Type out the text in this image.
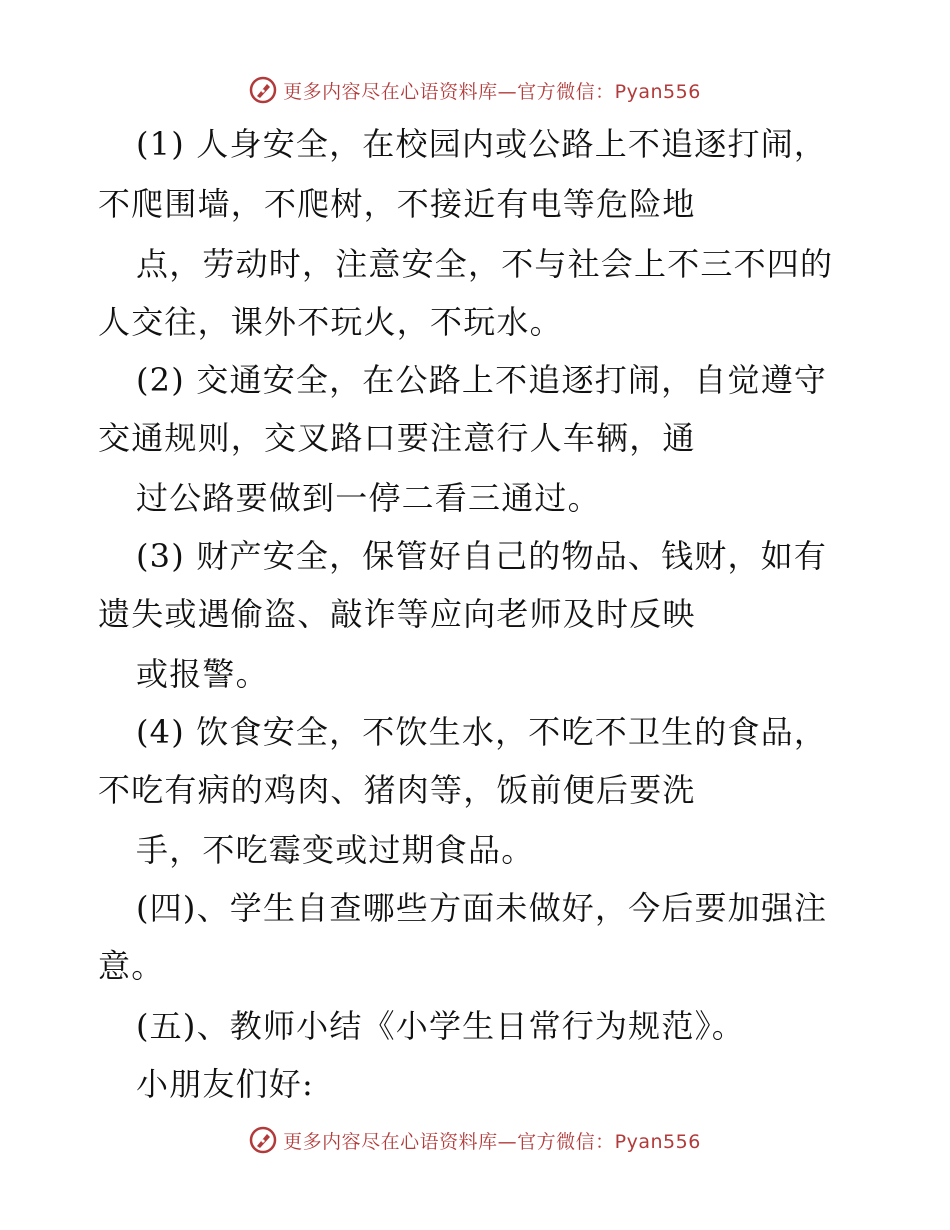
更多内容尽在心语资料库—官方微信：Pyan556
(1) 人身安全，在校园内或公路上不追逐打闹，
不爬围墙，不爬树，不接近有电等危险地
点，劳动时，注意安全，不与社会上不三不四的
人交往，课外不玩火，不玩水。
(2) 交通安全，在公路上不追逐打闹，自觉遵守
交通规则，交叉路口要注意行人车辆，通
过公路要做到一停二看三通过。
(3) 财产安全，保管好自己的物品、钱财，如有
遗失或遇偷盗、敲诈等应向老师及时反映
或报警。
(4) 饮食安全，不饮生水，不吃不卫生的食品，
不吃有病的鸡肉、猪肉等，饭前便后要洗
手，不吃霉变或过期食品。
(四)、学生自查哪些方面未做好，今后要加强注
意。
(五)、教师小结《小学生日常行为规范》。
小朋友们好:
更多内容尽在心语资料库—官方微信：Pyan556
